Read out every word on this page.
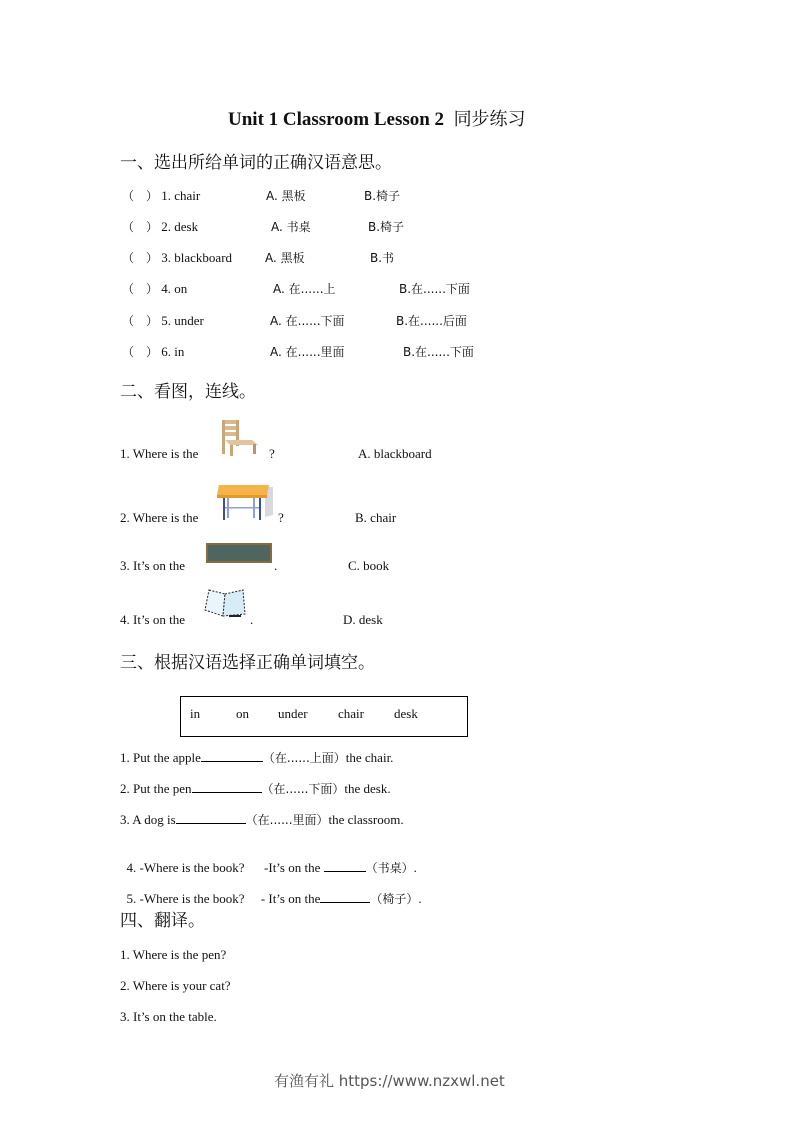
Unit 1 Classroom Lesson 2 同步练习
一、选出所给单词的正确汉语意思。
（　） 1. chair	A. 黑板	B.椅子
（　） 2. desk	A. 书桌	B.椅子
（　） 3. blackboard	A. 黑板	B.书
（　） 4. on	A. 在......上	B.在......下面
（　） 5. under	A. 在......下面	B.在......后面
（　） 6. in	A. 在......里面	B.在......下面
二、看图，连线。
1. Where is the	?	A. blackboard
2. Where is the	?	B. chair
3. It’s on the	.	C. book
4. It’s on the	.	D. desk
三、根据汉语选择正确单词填空。
in	on under chair desk
1. Put the apple	（在......上面）the chair.
2. Put the pen	（在......下面）the desk.
3. A dog is	（在......里面）the classroom.

4. -Where is the book?      -It’s on the	（书桌）.

5. -Where is the book?     - It’s on the	（椅子）.

四、翻译。
1. Where is the pen?
2. Where is your cat?
3. It’s on the table.
有渔有礼 https://www.nzxwl.net
